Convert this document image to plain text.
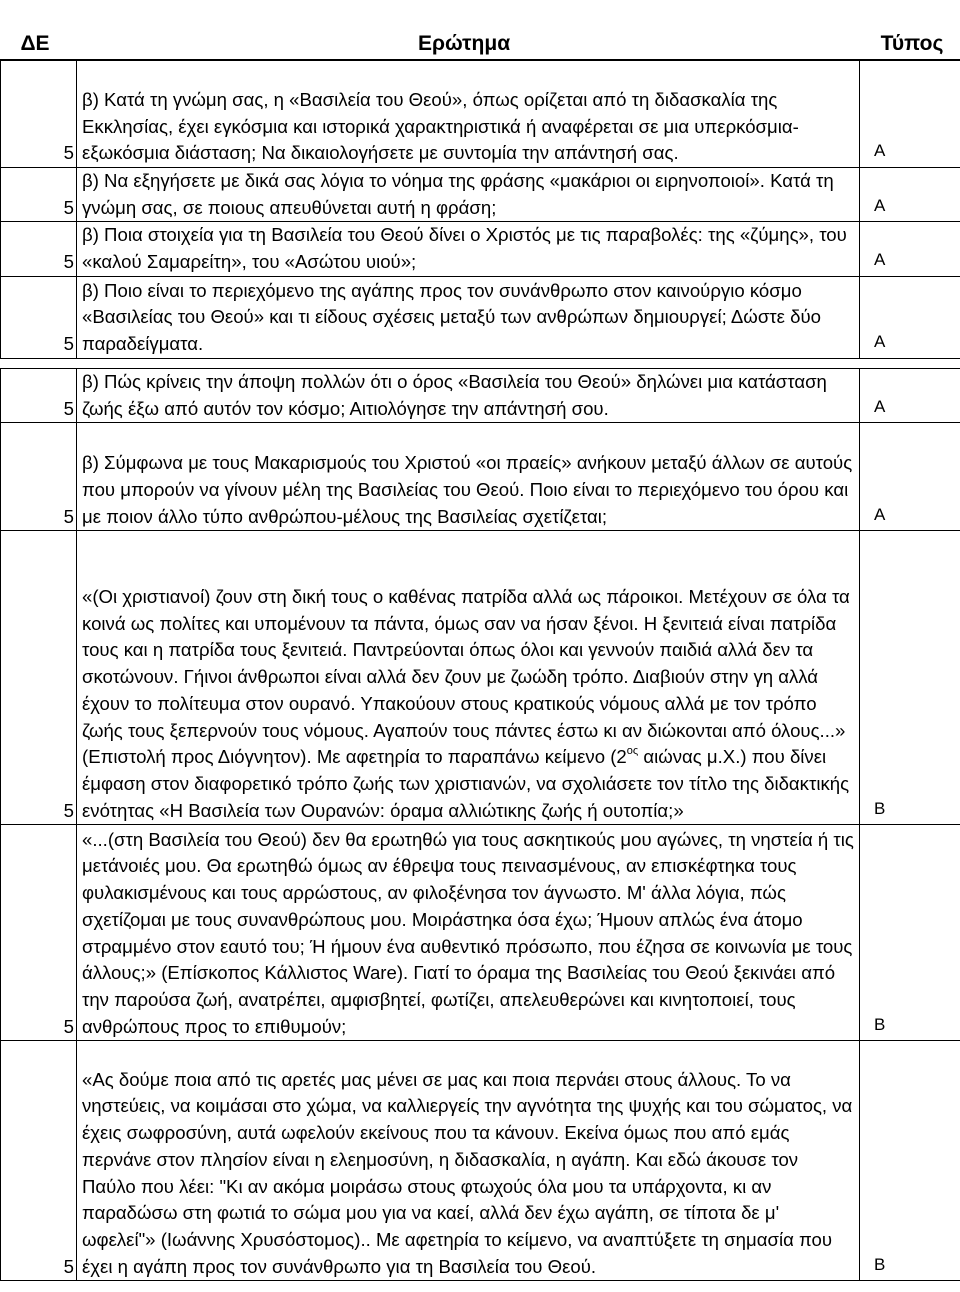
ΔΕ	Ερώτημα	Τύπος
5	β) Κατά τη γνώμη σας, η «Βασιλεία του Θεού», όπως ορίζεται από τη διδασκαλία της Εκκλησίας, έχει εγκόσμια και ιστορικά χαρακτηριστικά ή αναφέρεται σε μια υπερκόσμια- εξωκόσμια διάσταση; Να δικαιολογήσετε με συντομία την απάντησή σας.	Α
5	β) Να εξηγήσετε με δικά σας λόγια το νόημα της φράσης «μακάριοι οι ειρηνοποιοί». Κατά τη γνώμη σας, σε ποιους απευθύνεται αυτή η φράση;	Α
5	β) Ποια στοιχεία για τη Βασιλεία του Θεού δίνει ο Χριστός με τις παραβολές: της «ζύμης», του «καλού Σαμαρείτη», του «Ασώτου υιού»;	Α
5	β) Ποιο είναι το περιεχόμενο της αγάπης προς τον συνάνθρωπο στον καινούργιο κόσμο «Βασιλείας του Θεού» και τι είδους σχέσεις μεταξύ των ανθρώπων δημιουργεί; Δώστε δύο παραδείγματα.	Α
5	β) Πώς κρίνεις την άποψη πολλών ότι ο όρος «Βασιλεία του Θεού» δηλώνει μια κατάσταση ζωής έξω από αυτόν τον κόσμο; Αιτιολόγησε την απάντησή σου.	Α
5	β) Σύμφωνα με τους Μακαρισμούς του Χριστού «οι πραείς» ανήκουν μεταξύ άλλων σε αυτούς που μπορούν να γίνουν μέλη της Βασιλείας του Θεού. Ποιο είναι το περιεχόμενο του όρου και με ποιον άλλο τύπο ανθρώπου-μέλους της Βασιλείας σχετίζεται;	Α
5	«(Οι χριστιανοί) ζουν στη δική τους ο καθένας πατρίδα αλλά ως πάροικοι. Μετέχουν σε όλα τα κοινά ως πολίτες και υπομένουν τα πάντα, όμως σαν να ήσαν ξένοι. Η ξενιτειά είναι πατρίδα τους και η πατρίδα τους ξενιτειά. Παντρεύονται όπως όλοι και γεννούν παιδιά αλλά δεν τα σκοτώνουν. Γήινοι άνθρωποι είναι αλλά δεν ζουν με ζωώδη τρόπο. Διαβιούν στην γη αλλά έχουν το πολίτευμα στον ουρανό. Υπακούουν στους κρατικούς νόμους αλλά με τον τρόπο ζωής τους ξεπερνούν τους νόμους. Αγαπούν τους πάντες έστω κι αν διώκονται από όλους...» (Επιστολή προς Διόγνητον). Με αφετηρία το παραπάνω κείμενο ($2^{o\varsigma}$ αιώνας μ.Χ.) που δίνει έμφαση στον διαφορετικό τρόπο ζωής των χριστιανών, να σχολιάσετε τον τίτλο της διδακτικής ενότητας «Η Βασιλεία των Ουρανών: όραμα αλλιώτικης ζωής ή ουτοπία;»	Β
5	«...(στη Βασιλεία του Θεού) δεν θα ερωτηθώ για τους ασκητικούς μου αγώνες, τη νηστεία ή τις μετάνοιές μου. Θα ερωτηθώ όμως αν έθρεψα τους πεινασμένους, αν επισκέφτηκα τους φυλακισμένους και τους αρρώστους, αν φιλοξένησα τον άγνωστο. Μ' άλλα λόγια, πώς σχετίζομαι με τους συνανθρώπους μου. Μοιράστηκα όσα έχω; Ήμουν απλώς ένα άτομο στραμμένο στον εαυτό του; Ή ήμουν ένα αυθεντικό πρόσωπο, που έζησα σε κοινωνία με τους άλλους;» (Επίσκοπος Κάλλιστος Ware). Γιατί το όραμα της Βασιλείας του Θεού ξεκινάει από την παρούσα ζωή, ανατρέπει, αμφισβητεί, φωτίζει, απελευθερώνει και κινητοποιεί, τους ανθρώπους προς το επιθυμούν;	Β
5	«Ας δούμε ποια από τις αρετές μας μένει σε μας και ποια περνάει στους άλλους. Το να νηστεύεις, να κοιμάσαι στο χώμα, να καλλιεργείς την αγνότητα της ψυχής και του σώματος, να έχεις σωφροσύνη, αυτά ωφελούν εκείνους που τα κάνουν. Εκείνα όμως που από εμάς περνάνε στον πλησίον είναι η ελεημοσύνη, η διδασκαλία, η αγάπη. Και εδώ άκουσε τον Παύλο που λέει: "Κι αν ακόμα μοιράσω στους φτωχούς όλα μου τα υπάρχοντα, κι αν παραδώσω στη φωτιά το σώμα μου για να καεί, αλλά δεν έχω αγάπη, σε τίποτα δε μ' ωφελεί"» (Ιωάννης Χρυσόστομος).. Με αφετηρία το κείμενο, να αναπτύξετε τη σημασία που έχει η αγάπη προς τον συνάνθρωπο για τη Βασιλεία του Θεού.	Β
